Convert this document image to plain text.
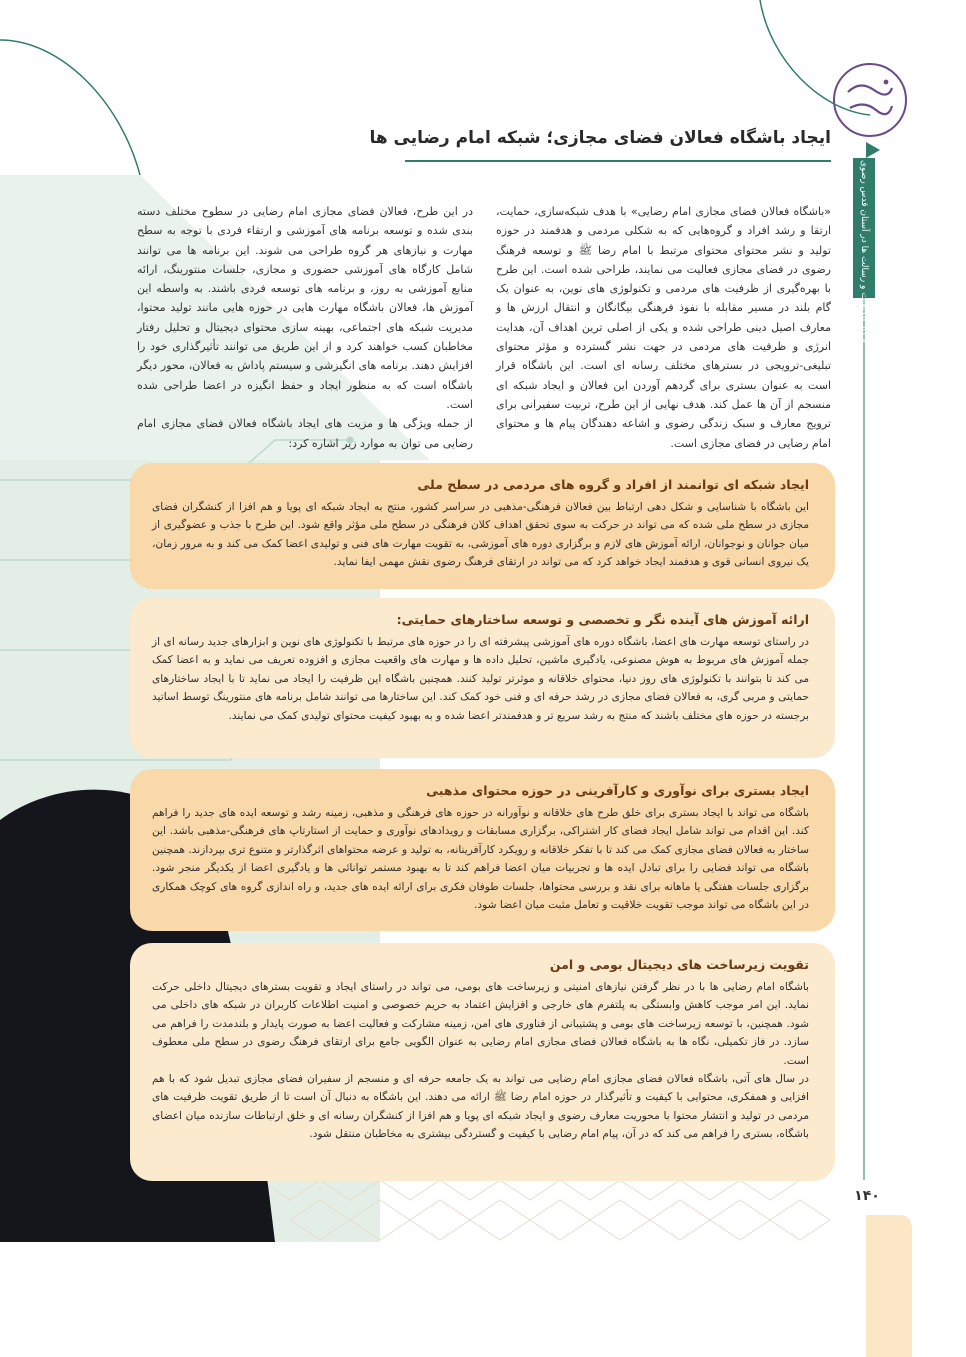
دار بیگاهات و رسالت ها در آستان قدس رضوی »
ایجاد باشگاه فعالان فضای مجازی؛ شبکه امام رضایی ها

«باشگاه فعالان فضای مجازی امام رضایی» با هدف شبکه‌سازی، حمایت، ارتقا و رشد افراد و گروه‌هایی که به شکلی مردمی و هدفمند در حوزه تولید و نشر محتوای محتوای مرتبط با امام رضا ﷺ و توسعه فرهنگ رضوی در فضای مجازی فعالیت می نمایند، طراحی شده است. این طرح با بهره‌گیری از ظرفیت های مردمی و تکنولوژی های نوین، به عنوان یک گام بلند در مسیر مقابله با نفوذ فرهنگی بیگانگان و انتقال ارزش ها و معارف اصیل دینی طراحی شده و یکی از اصلی ترین اهداف آن، هدایت انرژی و ظرفیت های مردمی در جهت نشر گسترده و مؤثر محتوای تبلیغی-ترویجی در بسترهای مختلف رسانه ای است. این باشگاه قرار است به عنوان بستری برای گردهم آوردن این فعالان و ایجاد شبکه ای منسجم از آن ها عمل کند. هدف نهایی از این طرح، تربیت سفیرانی برای ترویج معارف و سبک زندگی رضوی و اشاعه دهندگان پیام ها و محتوای امام رضایی در فضای مجازی است.

در این طرح، فعالان فضای مجازی امام رضایی در سطوح مختلف دسته بندی شده و توسعه برنامه های آموزشی و ارتقاء فردی با توجه به سطح مهارت و نیازهای هر گروه طراحی می شوند. این برنامه ها می توانند شامل کارگاه های آموزشی حضوری و مجازی، جلسات منتورینگ، ارائه منابع آموزشی به روز، و برنامه های توسعه فردی باشند. به واسطه این آموزش ها، فعالان باشگاه مهارت هایی در حوزه هایی مانند تولید محتوا، مدیریت شبکه های اجتماعی، بهینه سازی محتوای دیجیتال و تحلیل رفتار مخاطبان کسب خواهند کرد و از این طریق می توانند تأثیرگذاری خود را افزایش دهند. برنامه های انگیزشی و سیستم پاداش به فعالان، محور دیگر باشگاه است که به منظور ایجاد و حفظ انگیزه در اعضا طراحی شده است.

از جمله ویژگی ها و مزیت های ایجاد باشگاه فعالان فضای مجازی امام رضایی می توان به موارد زیر اشاره کرد:

ایجاد شبکه ای توانمند از افراد و گروه های مردمی در سطح ملی

این باشگاه با شناسایی و شکل دهی ارتباط بین فعالان فرهنگی-مذهبی در سراسر کشور، منتج به ایجاد شبکه ای پویا و هم افزا از کنشگران فضای مجازی در سطح ملی شده که می تواند در حرکت به سوی تحقق اهداف کلان فرهنگی در سطح ملی مؤثر واقع شود. این طرح با جذب و عضوگیری از میان جوانان و نوجوانان، ارائه آموزش های لازم و برگزاری دوره های آموزشی، به تقویت مهارت های فنی و تولیدی اعضا کمک می کند و به مرور زمان، یک نیروی انسانی قوی و هدفمند ایجاد خواهد کرد که می تواند در ارتقای فرهنگ رضوی نقش مهمی ایفا نماید.

ارائه آموزش های آینده نگر و تخصصی و توسعه ساختارهای حمایتی:

در راستای توسعه مهارت های اعضا، باشگاه دوره های آموزشی پیشرفته ای را در حوزه های مرتبط با تکنولوژی های نوین و ابزارهای جدید رسانه ای از جمله آموزش های مربوط به هوش مصنوعی، یادگیری ماشین، تحلیل داده ها و مهارت های واقعیت مجازی و افزوده تعریف می نماید و به اعضا کمک می کند تا بتوانند با تکنولوژی های روز دنیا، محتوای خلاقانه و موثرتر تولید کنند. همچنین باشگاه این ظرفیت را ایجاد می نماید تا با ایجاد ساختارهای حمایتی و مربی گری، به فعالان فضای مجازی در رشد حرفه ای و فنی خود کمک کند. این ساختارها می توانند شامل برنامه های منتورینگ توسط اساتید برجسته در حوزه های مختلف باشند که منتج به رشد سریع تر و هدفمندتر اعضا شده و به بهبود کیفیت محتوای تولیدی کمک می نمایند.

ایجاد بستری برای نوآوری و کارآفرینی در حوزه محتوای مذهبی

باشگاه می تواند با ایجاد بستری برای خلق طرح های خلاقانه و نوآورانه در حوزه های فرهنگی و مذهبی، زمینه رشد و توسعه ایده های جدید را فراهم کند. این اقدام می تواند شامل ایجاد فضای کار اشتراکی، برگزاری مسابقات و رویدادهای نوآوری و حمایت از استارتاپ های فرهنگی-مذهبی باشد. این ساختار به فعالان فضای مجازی کمک می کند تا با تفکر خلاقانه و رویکرد کارآفرینانه، به تولید و عرضه محتواهای اثرگذارتر و متنوع تری بپردازند. همچنین باشگاه می تواند فضایی را برای تبادل ایده ها و تجربیات میان اعضا فراهم کند تا به بهبود مستمر توانائی ها و یادگیری اعضا از یکدیگر منجر شود. برگزاری جلسات هفتگی یا ماهانه برای نقد و بررسی محتواها، جلسات طوفان فکری برای ارائه ایده های جدید، و راه اندازی گروه های کوچک همکاری در این باشگاه می تواند موجب تقویت خلاقیت و تعامل مثبت میان اعضا شود.

تقویت زیرساخت های دیجیتال بومی و امن

باشگاه امام رضایی ها با در نظر گرفتن نیازهای امنیتی و زیرساخت های بومی، می تواند در راستای ایجاد و تقویت بسترهای دیجیتال داخلی حرکت نماید. این امر موجب کاهش وابستگی به پلتفرم های خارجی و افزایش اعتماد به حریم خصوصی و امنیت اطلاعات کاربران در شبکه های داخلی می شود. همچنین، با توسعه زیرساخت های بومی و پشتیبانی از فناوری های امن، زمینه مشارکت و فعالیت اعضا به صورت پایدار و بلندمدت را فراهم می سازد. در فاز تکمیلی، نگاه ها به باشگاه فعالان فضای مجازی امام رضایی به عنوان الگویی جامع برای ارتقای فرهنگ رضوی در سطح ملی معطوف است.

در سال های آتی، باشگاه فعالان فضای مجازی امام رضایی می تواند به یک جامعه حرفه ای و منسجم از سفیران فضای مجازی تبدیل شود که با هم افزایی و همفکری، محتوایی با کیفیت و تأثیرگذار در حوزه امام رضا ﷺ ارائه می دهند. این باشگاه به دنبال آن است تا از طریق تقویت ظرفیت های مردمی در تولید و انتشار محتوا با محوریت معارف رضوی و ایجاد شبکه ای پویا و هم افزا از کنشگران رسانه ای و خلق ارتباطات سازنده میان اعضای باشگاه، بستری را فراهم می کند که در آن، پیام امام رضایی با کیفیت و گستردگی بیشتری به مخاطبان منتقل شود.

۱۴۰
